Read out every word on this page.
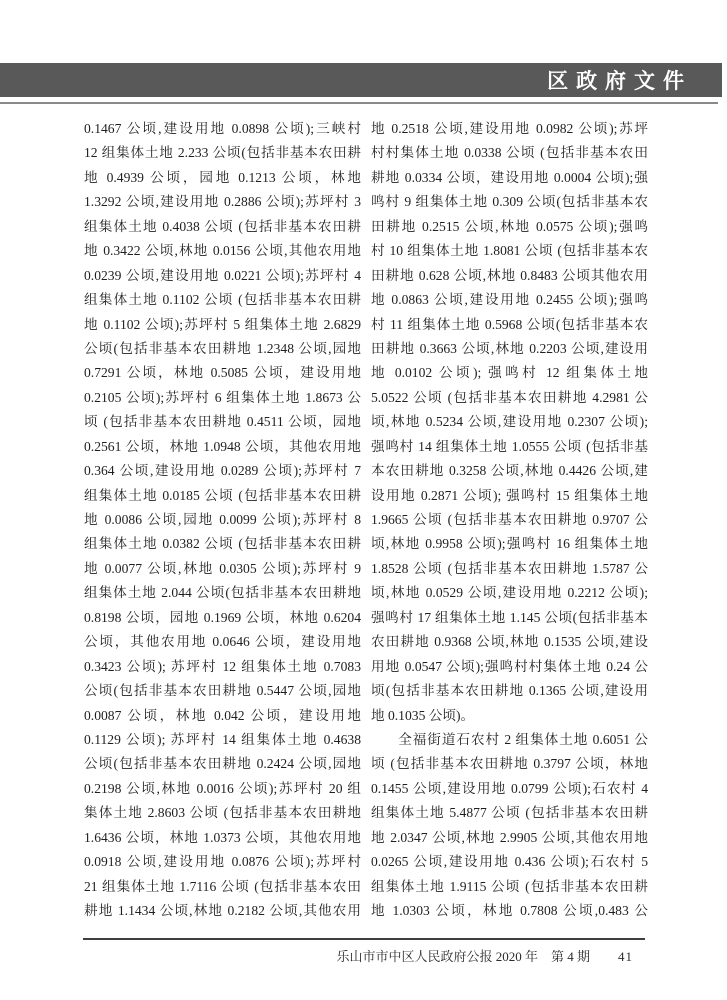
区政府文件
0.1467 公顷,建设用地 0.0898 公顷);三峡村
12 组集体土地 2.233 公顷(包括非基本农田耕
地 0.4939 公顷，园地 0.1213 公顷，林地
1.3292 公顷,建设用地 0.2886 公顷);苏坪村 3
组集体土地 0.4038 公顷 (包括非基本农田耕
地 0.3422 公顷,林地 0.0156 公顷,其他农用地
0.0239 公顷,建设用地 0.0221 公顷);苏坪村 4
组集体土地 0.1102 公顷 (包括非基本农田耕
地 0.1102 公顷);苏坪村 5 组集体土地 2.6829
公顷(包括非基本农田耕地 1.2348 公顷,园地
0.7291 公顷，林地 0.5085 公顷，建设用地
0.2105 公顷);苏坪村 6 组集体土地 1.8673 公
顷 (包括非基本农田耕地 0.4511 公顷，园地
0.2561 公顷，林地 1.0948 公顷，其他农用地
0.364 公顷,建设用地 0.0289 公顷);苏坪村 7
组集体土地 0.0185 公顷 (包括非基本农田耕
地 0.0086 公顷,园地 0.0099 公顷);苏坪村 8
组集体土地 0.0382 公顷 (包括非基本农田耕
地 0.0077 公顷,林地 0.0305 公顷);苏坪村 9
组集体土地 2.044 公顷(包括非基本农田耕地
0.8198 公顷，园地 0.1969 公顷，林地 0.6204
公顷，其他农用地 0.0646 公顷，建设用地
0.3423 公顷); 苏坪村 12 组集体土地 0.7083
公顷(包括非基本农田耕地 0.5447 公顷,园地
0.0087 公顷，林地 0.042 公顷，建设用地
0.1129 公顷); 苏坪村 14 组集体土地 0.4638
公顷(包括非基本农田耕地 0.2424 公顷,园地
0.2198 公顷,林地 0.0016 公顷);苏坪村 20 组
集体土地 2.8603 公顷 (包括非基本农田耕地
1.6436 公顷，林地 1.0373 公顷，其他农用地
0.0918 公顷,建设用地 0.0876 公顷);苏坪村
21 组集体土地 1.7116 公顷 (包括非基本农田
耕地 1.1434 公顷,林地 0.2182 公顷,其他农用
地 0.2518 公顷,建设用地 0.0982 公顷);苏坪
村村集体土地 0.0338 公顷 (包括非基本农田
耕地 0.0334 公顷，建设用地 0.0004 公顷);强
鸣村 9 组集体土地 0.309 公顷(包括非基本农
田耕地 0.2515 公顷,林地 0.0575 公顷);强鸣
村 10 组集体土地 1.8081 公顷 (包括非基本农
田耕地 0.628 公顷,林地 0.8483 公顷其他农用
地 0.0863 公顷,建设用地 0.2455 公顷);强鸣
村 11 组集体土地 0.5968 公顷(包括非基本农
田耕地 0.3663 公顷,林地 0.2203 公顷,建设用
地 0.0102 公顷); 强鸣村 12 组集体土地
5.0522 公顷 (包括非基本农田耕地 4.2981 公
顷,林地 0.5234 公顷,建设用地 0.2307 公顷);
强鸣村 14 组集体土地 1.0555 公顷 (包括非基
本农田耕地 0.3258 公顷,林地 0.4426 公顷,建
设用地 0.2871 公顷); 强鸣村 15 组集体土地
1.9665 公顷 (包括非基本农田耕地 0.9707 公
顷,林地 0.9958 公顷);强鸣村 16 组集体土地
1.8528 公顷 (包括非基本农田耕地 1.5787 公
顷,林地 0.0529 公顷,建设用地 0.2212 公顷);
强鸣村 17 组集体土地 1.145 公顷(包括非基本
农田耕地 0.9368 公顷,林地 0.1535 公顷,建设
用地 0.0547 公顷);强鸣村村集体土地 0.24 公
顷(包括非基本农田耕地 0.1365 公顷,建设用
地 0.1035 公顷)。
全福街道石农村 2 组集体土地 0.6051 公
顷 (包括非基本农田耕地 0.3797 公顷，林地
0.1455 公顷,建设用地 0.0799 公顷);石农村 4
组集体土地 5.4877 公顷 (包括非基本农田耕
地 2.0347 公顷,林地 2.9905 公顷,其他农用地
0.0265 公顷,建设用地 0.436 公顷);石农村 5
组集体土地 1.9115 公顷 (包括非基本农田耕
地 1.0303 公顷，林地 0.7808 公顷,0.483 公
乐山市市中区人民政府公报 2020 年　第 4 期 41
